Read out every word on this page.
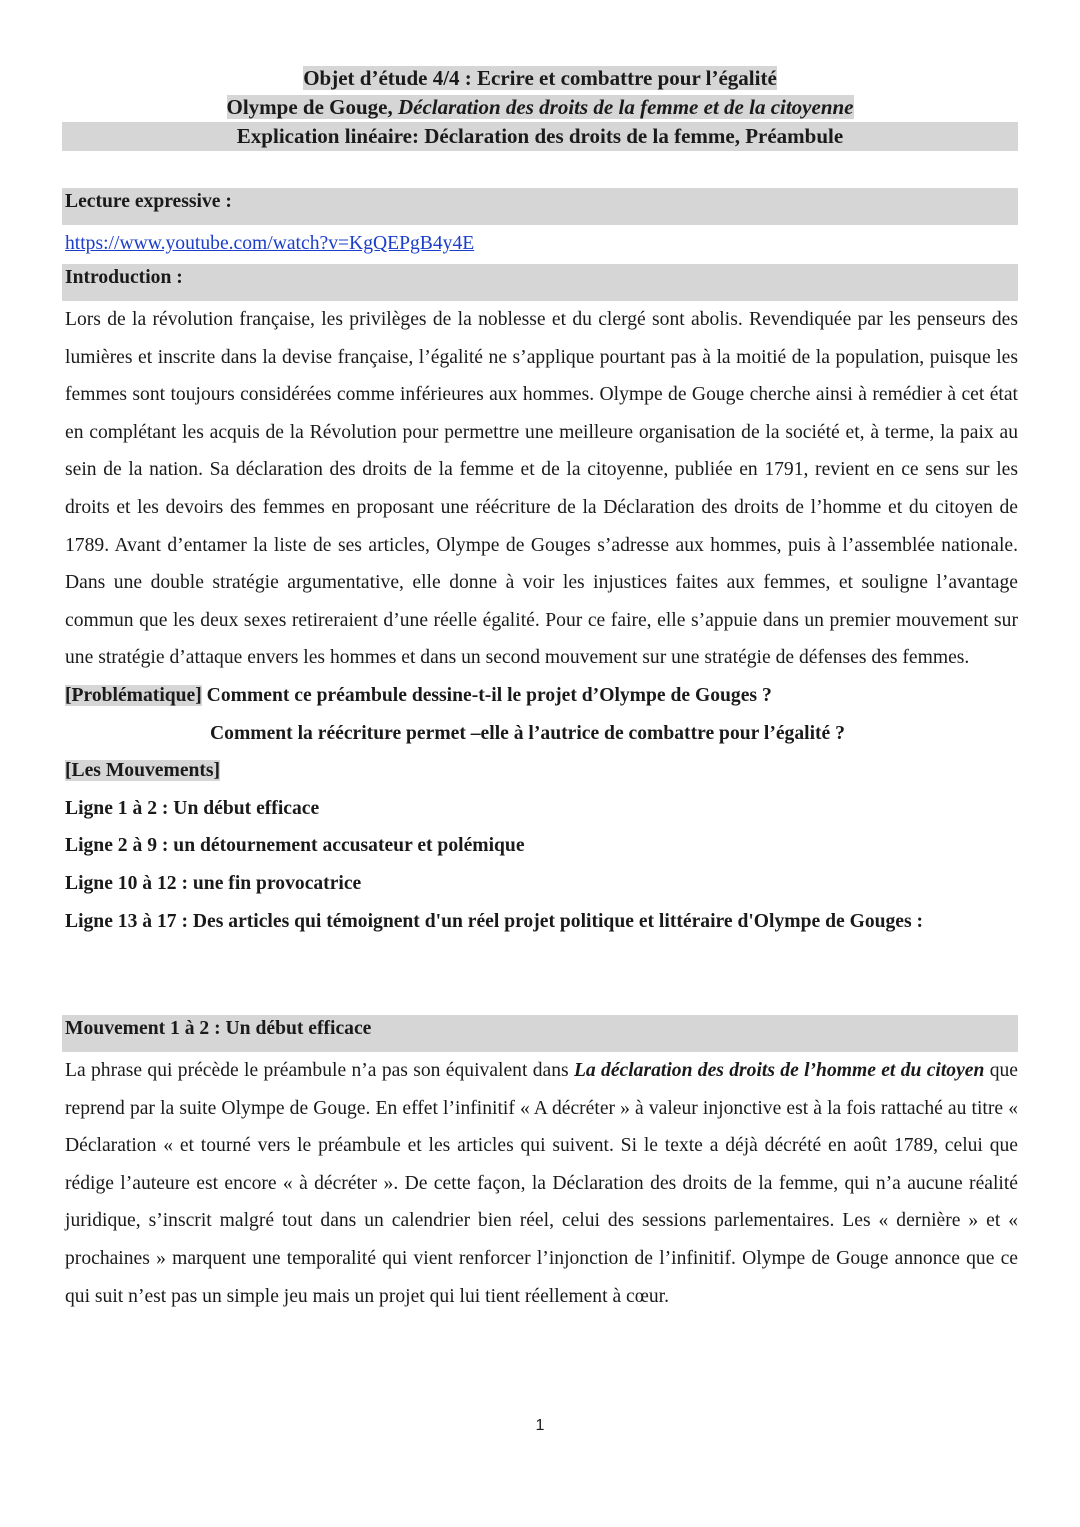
Objet d’étude 4/4 : Ecrire et combattre pour l’égalité
Olympe de Gouge, Déclaration des droits de la femme et de la citoyenne
Explication linéaire: Déclaration des droits de la femme, Préambule
Lecture expressive :
https://www.youtube.com/watch?v=KgQEPgB4y4E
Introduction :
Lors de la révolution française, les privilèges de la noblesse et du clergé sont abolis. Revendiquée par les penseurs des lumières et inscrite dans la devise française, l’égalité ne s’applique pourtant pas à la moitié de la population, puisque les femmes sont toujours considérées comme inférieures aux hommes. Olympe de Gouge cherche ainsi à remédier à cet état en complétant les acquis de la Révolution pour permettre une meilleure organisation de la société et, à terme, la paix au sein de la nation. Sa déclaration des droits de la femme et de la citoyenne, publiée en 1791, revient en ce sens sur les droits et les devoirs des femmes en proposant une réécriture de la Déclaration des droits de l’homme et du citoyen de 1789. Avant d’entamer la liste de ses articles, Olympe de Gouges s’adresse aux hommes, puis à l’assemblée nationale. Dans une double stratégie argumentative, elle donne à voir les injustices faites aux femmes, et souligne l’avantage commun que les deux sexes retireraient d’une réelle égalité. Pour ce faire, elle s’appuie dans un premier mouvement sur une stratégie d’attaque envers les hommes et dans un second mouvement sur une stratégie de défenses des femmes.
[Problématique] Comment ce préambule dessine-t-il le projet d’Olympe de Gouges ?
Comment la réécriture permet –elle à l’autrice de combattre pour l’égalité ?
[Les Mouvements]
Ligne 1 à 2 : Un début efficace
Ligne 2 à 9 : un détournement accusateur et polémique
Ligne 10 à 12 : une fin provocatrice
Ligne 13 à 17 : Des articles qui témoignent d'un réel projet politique et littéraire d'Olympe de Gouges :
Mouvement 1 à 2 : Un début efficace
La phrase qui précède le préambule n’a pas son équivalent dans La déclaration des droits de l’homme et du citoyen que reprend par la suite Olympe de Gouge. En effet l’infinitif « A décréter » à valeur injonctive est à la fois rattaché au titre « Déclaration « et tourné vers le préambule et les articles qui suivent. Si le texte a déjà décrété en août 1789, celui que rédige l’auteure est encore « à décréter ». De cette façon, la Déclaration des droits de la femme, qui n’a aucune réalité juridique, s’inscrit malgré tout dans un calendrier bien réel, celui des sessions parlementaires. Les « dernière » et « prochaines » marquent une temporalité qui vient renforcer l’injonction de l’infinitif. Olympe de Gouge annonce que ce qui suit n’est pas un simple jeu mais un projet qui lui tient réellement à cœur.
1
